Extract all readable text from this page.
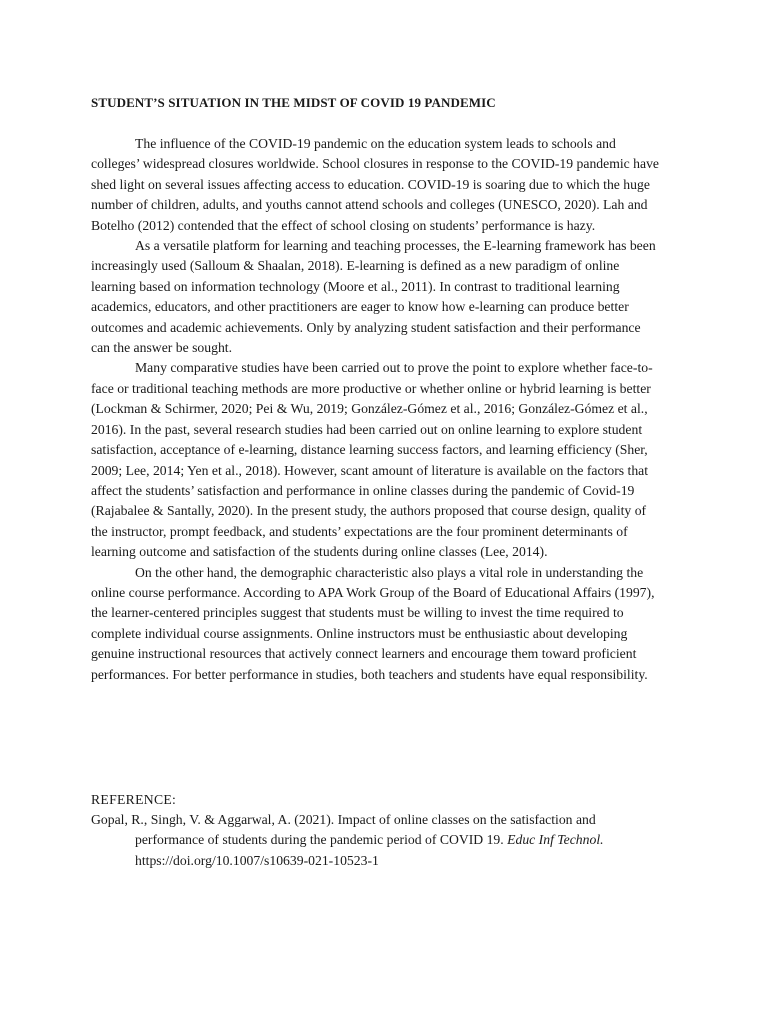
STUDENT’S SITUATION IN THE MIDST OF COVID 19 PANDEMIC

The influence of the COVID-19 pandemic on the education system leads to schools and colleges’ widespread closures worldwide. School closures in response to the COVID-19 pandemic have shed light on several issues affecting access to education. COVID-19 is soaring due to which the huge number of children, adults, and youths cannot attend schools and colleges (UNESCO, 2020). Lah and Botelho (2012) contended that the effect of school closing on students’ performance is hazy.

As a versatile platform for learning and teaching processes, the E-learning framework has been increasingly used (Salloum & Shaalan, 2018). E-learning is defined as a new paradigm of online learning based on information technology (Moore et al., 2011). In contrast to traditional learning academics, educators, and other practitioners are eager to know how e-learning can produce better outcomes and academic achievements. Only by analyzing student satisfaction and their performance can the answer be sought.

Many comparative studies have been carried out to prove the point to explore whether face-to-face or traditional teaching methods are more productive or whether online or hybrid learning is better (Lockman & Schirmer, 2020; Pei & Wu, 2019; González-Gómez et al., 2016; González-Gómez et al., 2016). In the past, several research studies had been carried out on online learning to explore student satisfaction, acceptance of e-learning, distance learning success factors, and learning efficiency (Sher, 2009; Lee, 2014; Yen et al., 2018). However, scant amount of literature is available on the factors that affect the students’ satisfaction and performance in online classes during the pandemic of Covid-19 (Rajabalee & Santally, 2020). In the present study, the authors proposed that course design, quality of the instructor, prompt feedback, and students’ expectations are the four prominent determinants of learning outcome and satisfaction of the students during online classes (Lee, 2014).

On the other hand, the demographic characteristic also plays a vital role in understanding the online course performance. According to APA Work Group of the Board of Educational Affairs (1997), the learner-centered principles suggest that students must be willing to invest the time required to complete individual course assignments. Online instructors must be enthusiastic about developing genuine instructional resources that actively connect learners and encourage them toward proficient performances. For better performance in studies, both teachers and students have equal responsibility.

REFERENCE:
Gopal, R., Singh, V. & Aggarwal, A. (2021). Impact of online classes on the satisfaction and performance of students during the pandemic period of COVID 19. Educ Inf Technol. https://doi.org/10.1007/s10639-021-10523-1
